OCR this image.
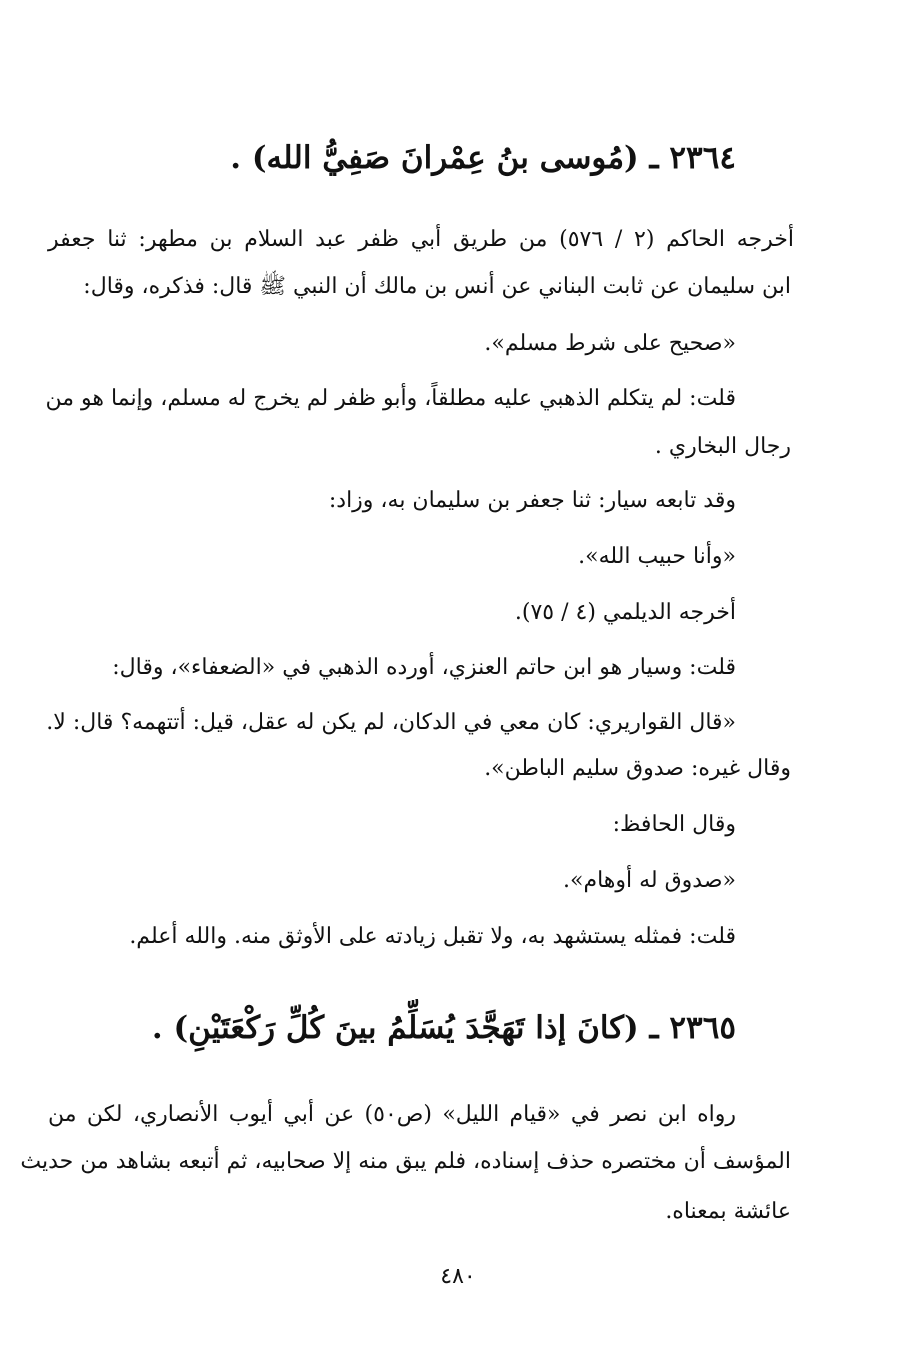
٢٣٦٤ ـ (مُوسى بنُ عِمْرانَ صَفِيُّ الله) .
أخرجه الحاكم (٢ / ٥٧٦) من طريق أبي ظفر عبد السلام بن مطهر: ثنا جعفر
ابن سليمان عن ثابت البناني عن أنس بن مالك أن النبي ﷺ قال: فذكره، وقال:
«صحيح على شرط مسلم».
قلت: لم يتكلم الذهبي عليه مطلقاً، وأبو ظفر لم يخرج له مسلم، وإنما هو من
رجال البخاري .
وقد تابعه سيار: ثنا جعفر بن سليمان به، وزاد:
«وأنا حبيب الله».
أخرجه الديلمي (٤ / ٧٥).
قلت: وسيار هو ابن حاتم العنزي، أورده الذهبي في «الضعفاء»، وقال:
«قال القواريري: كان معي في الدكان، لم يكن له عقل، قيل: أتتهمه؟ قال: لا.
وقال غيره: صدوق سليم الباطن».
وقال الحافظ:
«صدوق له أوهام».
قلت: فمثله يستشهد به، ولا تقبل زيادته على الأوثق منه. والله أعلم.
٢٣٦٥ ـ (كانَ إذا تَهَجَّدَ يُسَلِّمُ بينَ كُلِّ رَكْعَتَيْنِ) .
رواه ابن نصر في «قيام الليل» (ص٥٠) عن أبي أيوب الأنصاري، لكن من
المؤسف أن مختصره حذف إسناده، فلم يبق منه إلا صحابيه، ثم أتبعه بشاهد من حديث
عائشة بمعناه.
٤٨٠
